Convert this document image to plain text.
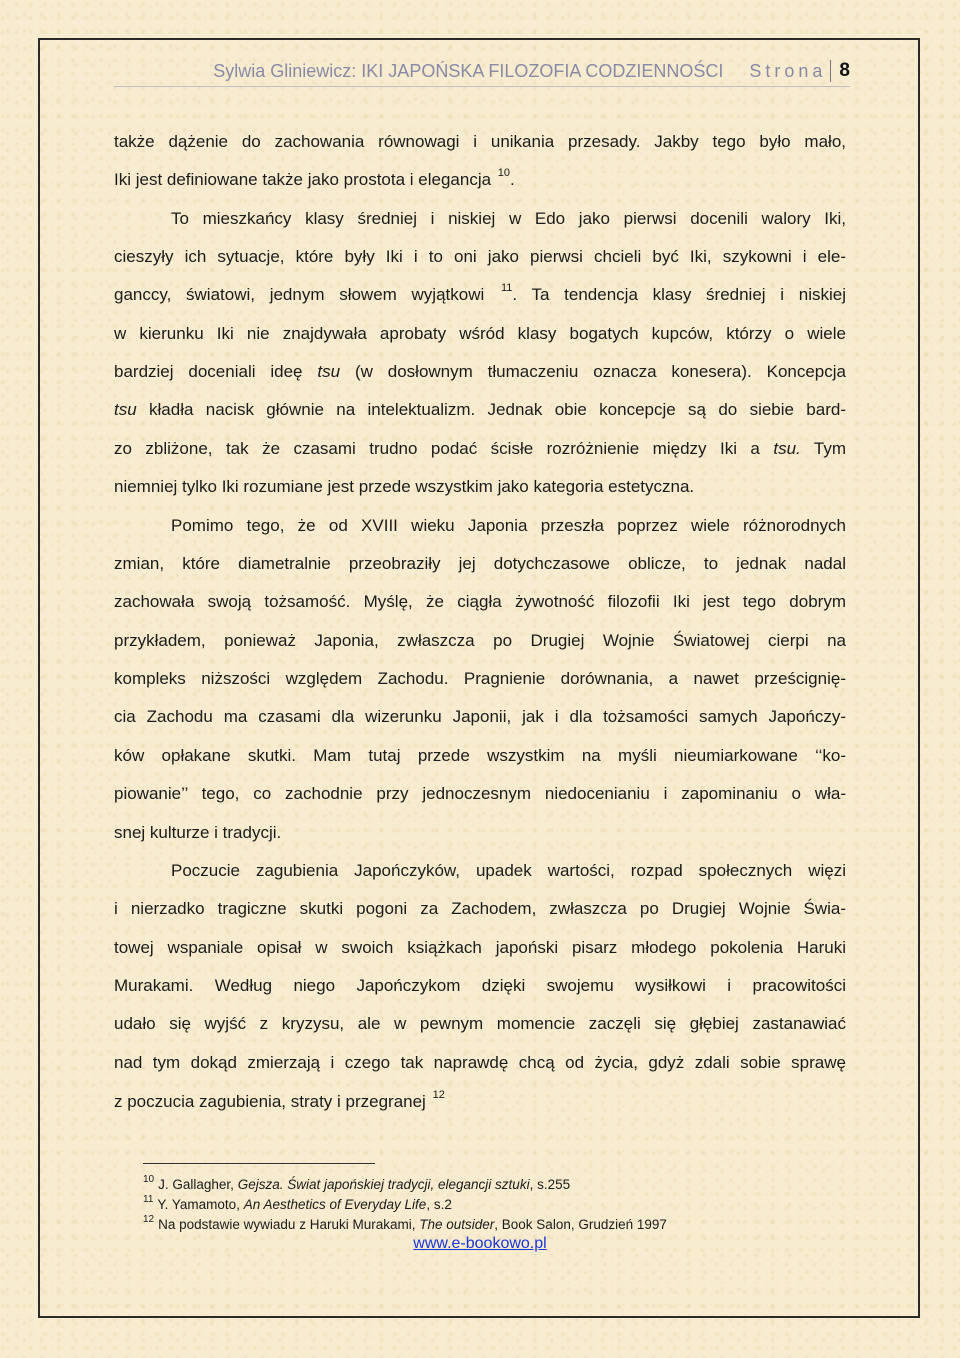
Sylwia Gliniewicz: IKI JAPOŃSKA FILOZOFIA CODZIENNOŚCI Strona 8
także dążenie do zachowania równowagi i unikania przesady. Jakby tego było mało,
Iki jest definiowane także jako prostota i elegancja $^{10}$.
To mieszkańcy klasy średniej i niskiej w Edo jako pierwsi docenili walory Iki,
cieszyły ich sytuacje, które były Iki i to oni jako pierwsi chcieli być Iki, szykowni i ele-
ganccy, światowi, jednym słowem wyjątkowi $^{11}$. Ta tendencja klasy średniej i niskiej
w kierunku Iki nie znajdywała aprobaty wśród klasy bogatych kupców, którzy o wiele
bardziej doceniali ideę tsu (w dosłownym tłumaczeniu oznacza konesera). Koncepcja
tsu kładła nacisk głównie na intelektualizm. Jednak obie koncepcje są do siebie bard-
zo zbliżone, tak że czasami trudno podać ścisłe rozróżnienie między Iki a tsu. Tym
niemniej tylko Iki rozumiane jest przede wszystkim jako kategoria estetyczna.
Pomimo tego, że od XVIII wieku Japonia przeszła poprzez wiele różnorodnych
zmian, które diametralnie przeobraziły jej dotychczasowe oblicze, to jednak nadal
zachowała swoją tożsamość. Myślę, że ciągła żywotność filozofii Iki jest tego dobrym
przykładem, ponieważ Japonia, zwłaszcza po Drugiej Wojnie Światowej cierpi na
kompleks niższości względem Zachodu. Pragnienie dorównania, a nawet prześcignię-
cia Zachodu ma czasami dla wizerunku Japonii, jak i dla tożsamości samych Japończy-
ków opłakane skutki. Mam tutaj przede wszystkim na myśli nieumiarkowane ‘‘ko-
piowanie’’ tego, co zachodnie przy jednoczesnym niedocenianiu i zapominaniu o wła-
snej kulturze i tradycji.
Poczucie zagubienia Japończyków, upadek wartości, rozpad społecznych więzi
i nierzadko tragiczne skutki pogoni za Zachodem, zwłaszcza po Drugiej Wojnie Świa-
towej wspaniale opisał w swoich książkach japoński pisarz młodego pokolenia Haruki
Murakami. Według niego Japończykom dzięki swojemu wysiłkowi i pracowitości
udało się wyjść z kryzysu, ale w pewnym momencie zaczęli się głębiej zastanawiać
nad tym dokąd zmierzają i czego tak naprawdę chcą od życia, gdyż zdali sobie sprawę
z poczucia zagubienia, straty i przegranej $^{12}$
$^{10}$ J. Gallagher, Gejsza. Świat japońskiej tradycji, elegancji sztuki, s.255
$^{11}$ Y. Yamamoto, An Aesthetics of Everyday Life, s.2
$^{12}$ Na podstawie wywiadu z Haruki Murakami, The outsider, Book Salon, Grudzień 1997
www.e-bookowo.pl
